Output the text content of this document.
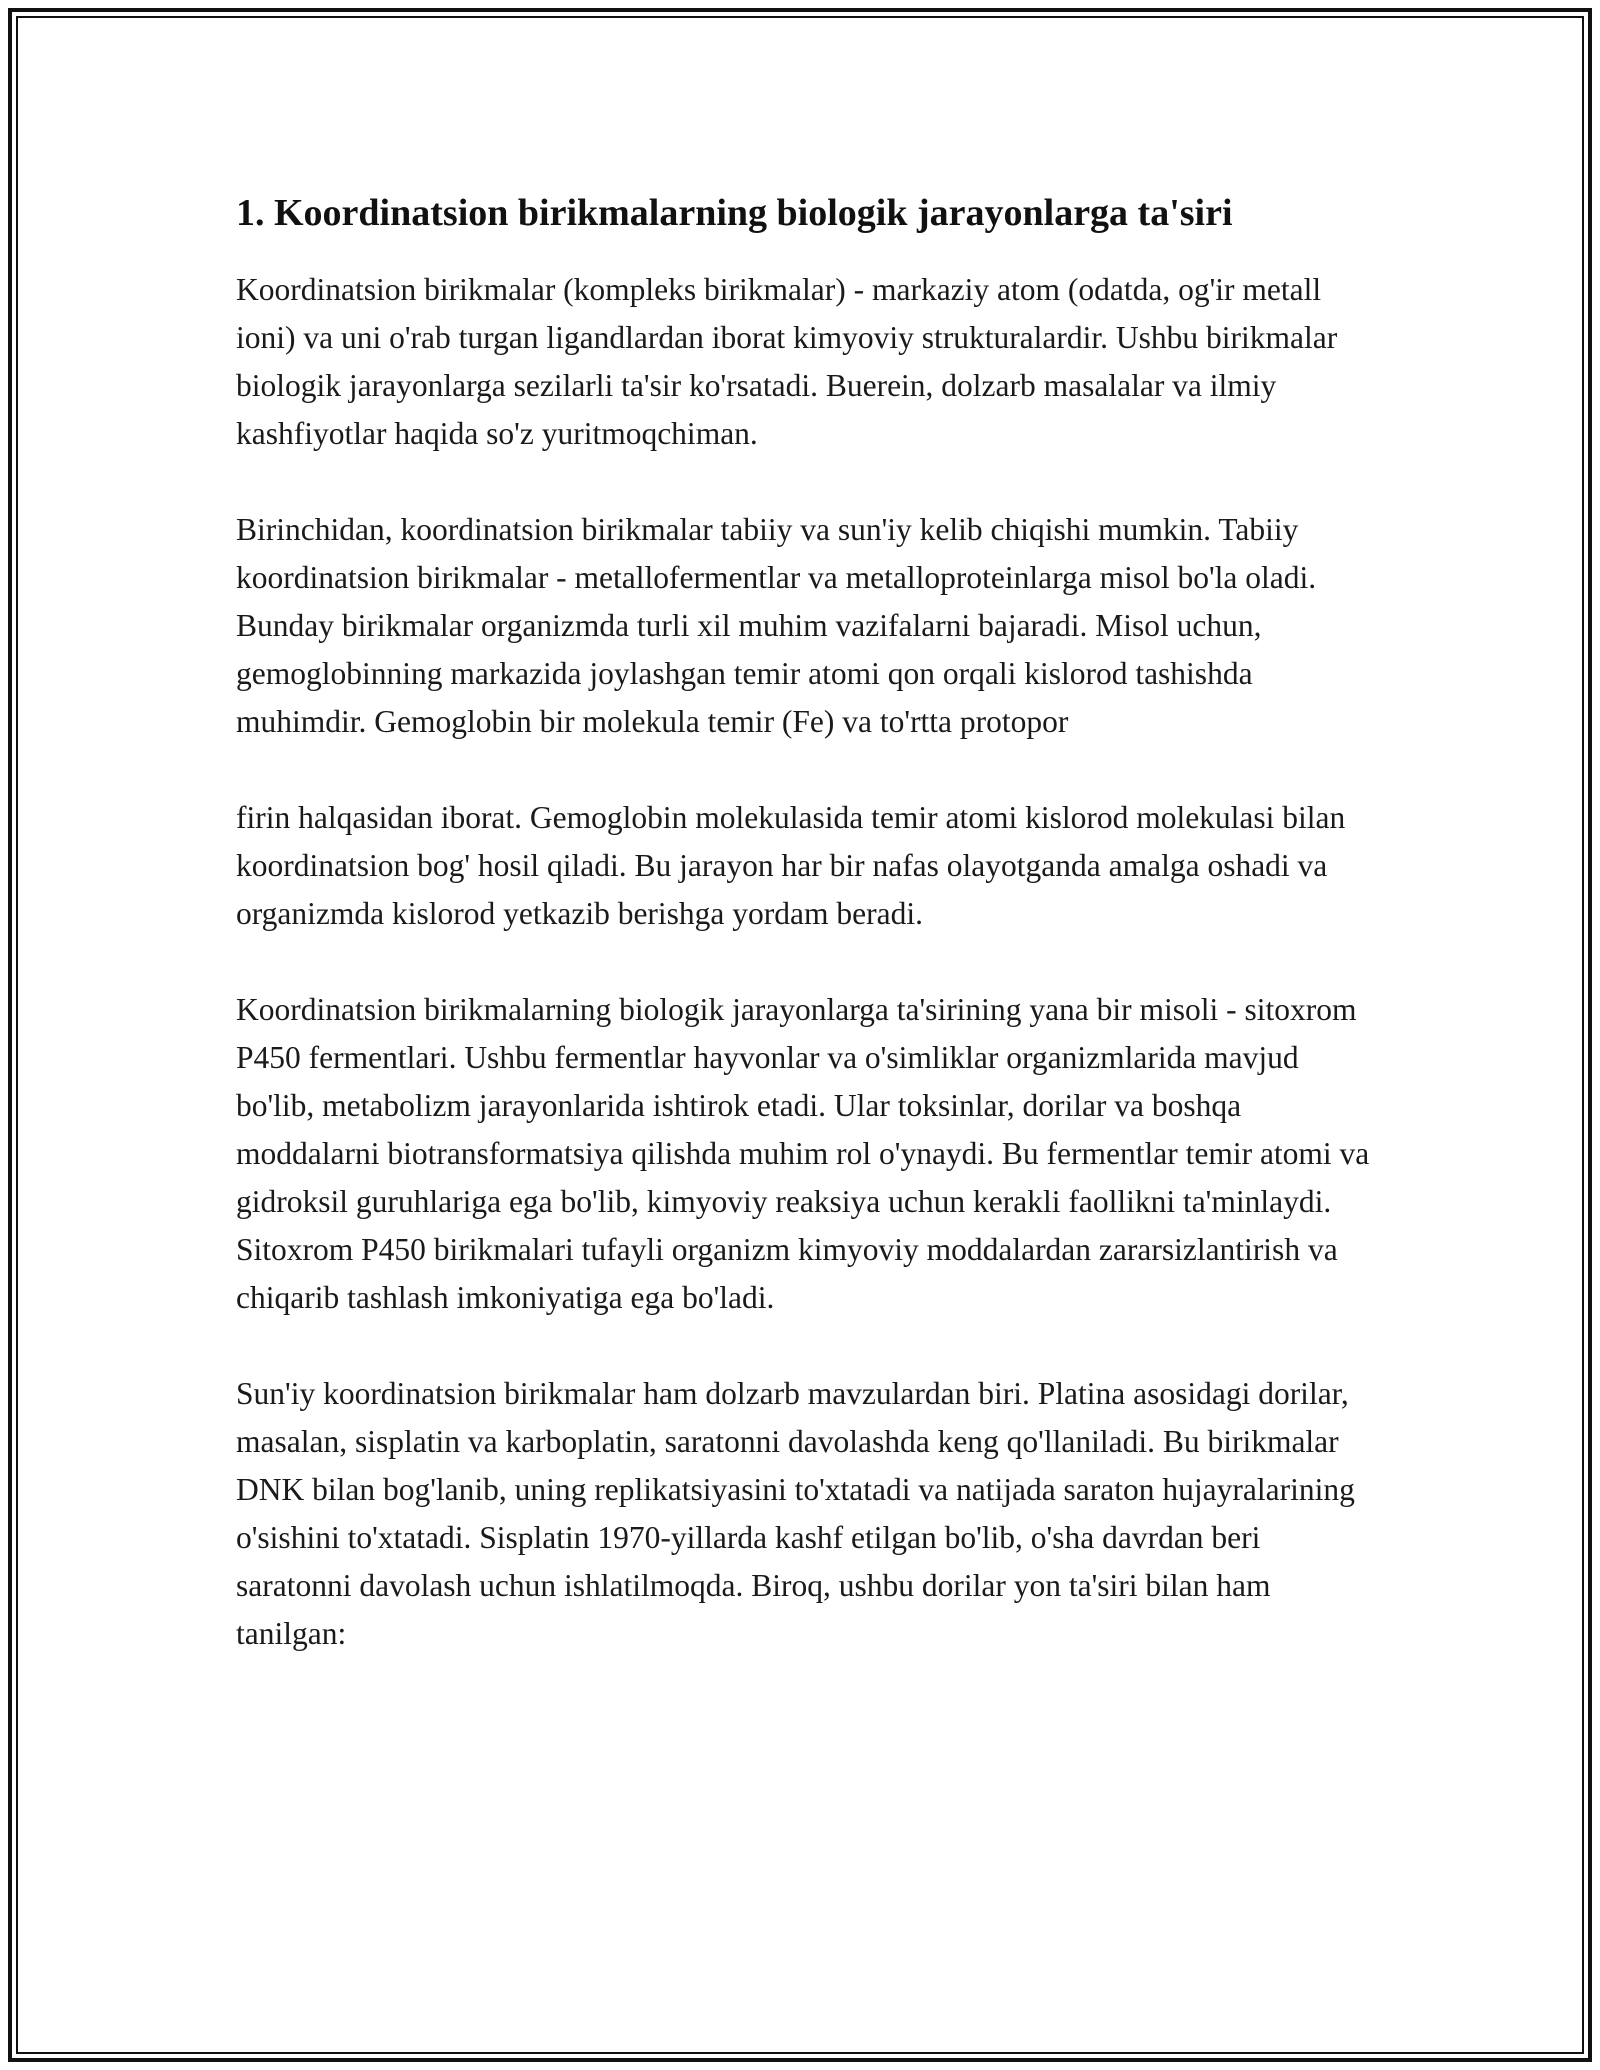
1. Koordinatsion birikmalarning biologik jarayonlarga ta'siri

Koordinatsion birikmalar (kompleks birikmalar) - markaziy atom (odatda, og'ir metall ioni) va uni o'rab turgan ligandlardan iborat kimyoviy strukturalardir. Ushbu birikmalar biologik jarayonlarga sezilarli ta'sir ko'rsatadi. Buerein, dolzarb masalalar va ilmiy kashfiyotlar haqida so'z yuritmoqchiman.

Birinchidan, koordinatsion birikmalar tabiiy va sun'iy kelib chiqishi mumkin. Tabiiy koordinatsion birikmalar - metallofermentlar va metalloproteinlarga misol bo'la oladi. Bunday birikmalar organizmda turli xil muhim vazifalarni bajaradi. Misol uchun, gemoglobinning markazida joylashgan temir atomi qon orqali kislorod tashishda muhimdir. Gemoglobin bir molekula temir (Fe) va to'rtta protopor

firin halqasidan iborat. Gemoglobin molekulasida temir atomi kislorod molekulasi bilan koordinatsion bog' hosil qiladi. Bu jarayon har bir nafas olayotganda amalga oshadi va organizmda kislorod yetkazib berishga yordam beradi.

Koordinatsion birikmalarning biologik jarayonlarga ta'sirining yana bir misoli - sitoxrom P450 fermentlari. Ushbu fermentlar hayvonlar va o'simliklar organizmlarida mavjud bo'lib, metabolizm jarayonlarida ishtirok etadi. Ular toksinlar, dorilar va boshqa moddalarni biotransformatsiya qilishda muhim rol o'ynaydi. Bu fermentlar temir atomi va gidroksil guruhlariga ega bo'lib, kimyoviy reaksiya uchun kerakli faollikni ta'minlaydi. Sitoxrom P450 birikmalari tufayli organizm kimyoviy moddalardan zararsizlantirish va chiqarib tashlash imkoniyatiga ega bo'ladi.

Sun'iy koordinatsion birikmalar ham dolzarb mavzulardan biri. Platina asosidagi dorilar, masalan, sisplatin va karboplatin, saratonni davolashda keng qo'llaniladi. Bu birikmalar DNK bilan bog'lanib, uning replikatsiyasini to'xtatadi va natijada saraton hujayralarining o'sishini to'xtatadi. Sisplatin 1970-yillarda kashf etilgan bo'lib, o'sha davrdan beri saratonni davolash uchun ishlatilmoqda. Biroq, ushbu dorilar yon ta'siri bilan ham tanilgan:
